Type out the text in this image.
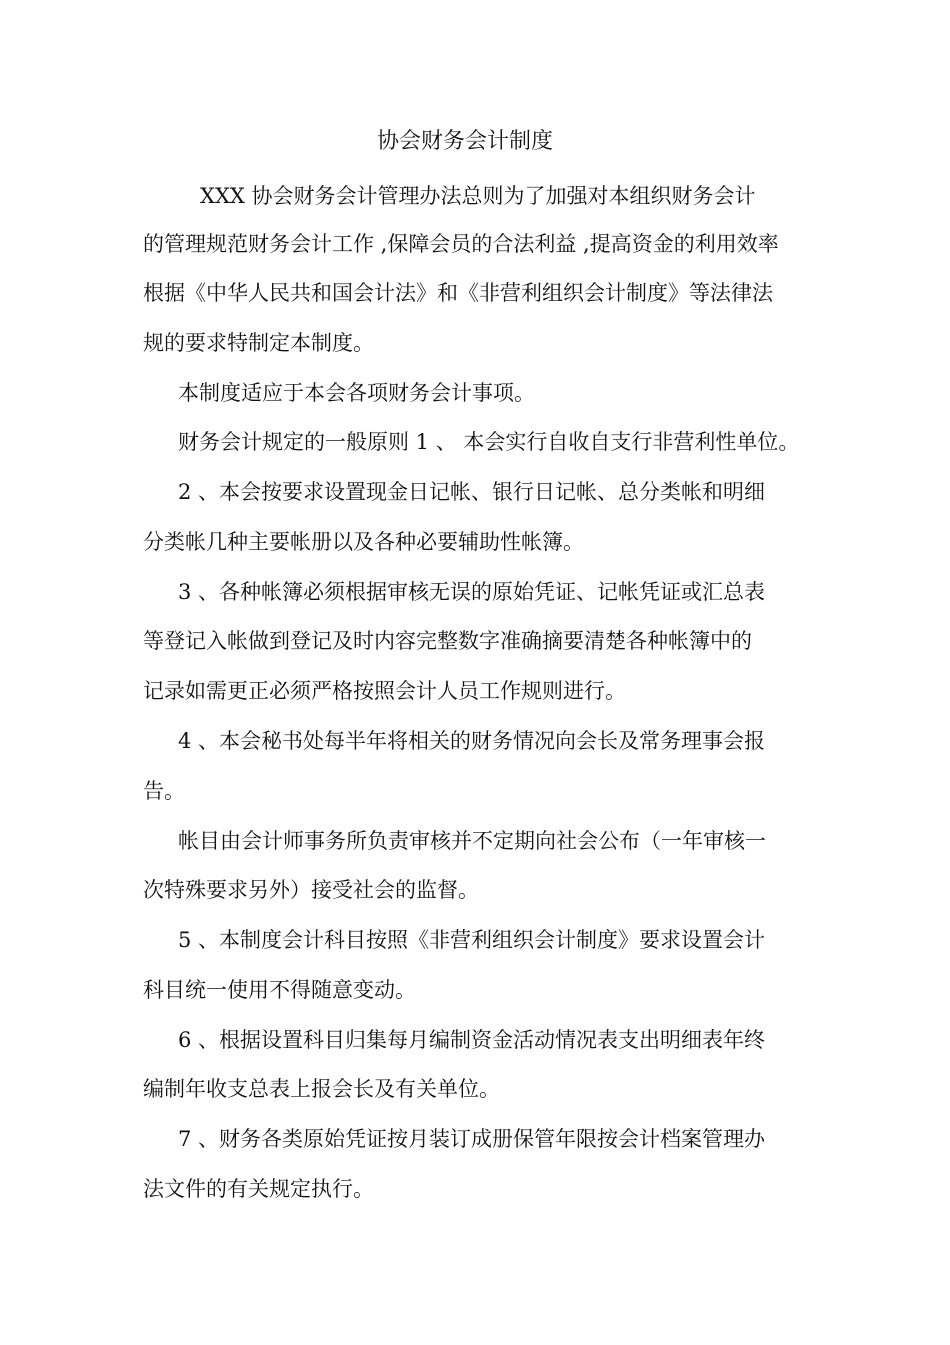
协会财务会计制度
XXX 协会财务会计管理办法总则为了加强对本组织财务会计
的管理规范财务会计工作 ,保障会员的合法利益 ,提高资金的利用效率
根据《中华人民共和国会计法》和《非营利组织会计制度》等法律法
规的要求特制定本制度。
本制度适应于本会各项财务会计事项。
财务会计规定的一般原则 1 、 本会实行自收自支行非营利性单位。
2 、本会按要求设置现金日记帐、银行日记帐、总分类帐和明细
分类帐几种主要帐册以及各种必要辅助性帐簿。
3 、各种帐簿必须根据审核无误的原始凭证、记帐凭证或汇总表
等登记入帐做到登记及时内容完整数字准确摘要清楚各种帐簿中的
记录如需更正必须严格按照会计人员工作规则进行。
4 、本会秘书处每半年将相关的财务情况向会长及常务理事会报
告。
帐目由会计师事务所负责审核并不定期向社会公布（一年审核一
次特殊要求另外）接受社会的监督。
5 、本制度会计科目按照《非营利组织会计制度》要求设置会计
科目统一使用不得随意变动。
6 、根据设置科目归集每月编制资金活动情况表支出明细表年终
编制年收支总表上报会长及有关单位。
7 、财务各类原始凭证按月装订成册保管年限按会计档案管理办
法文件的有关规定执行。
